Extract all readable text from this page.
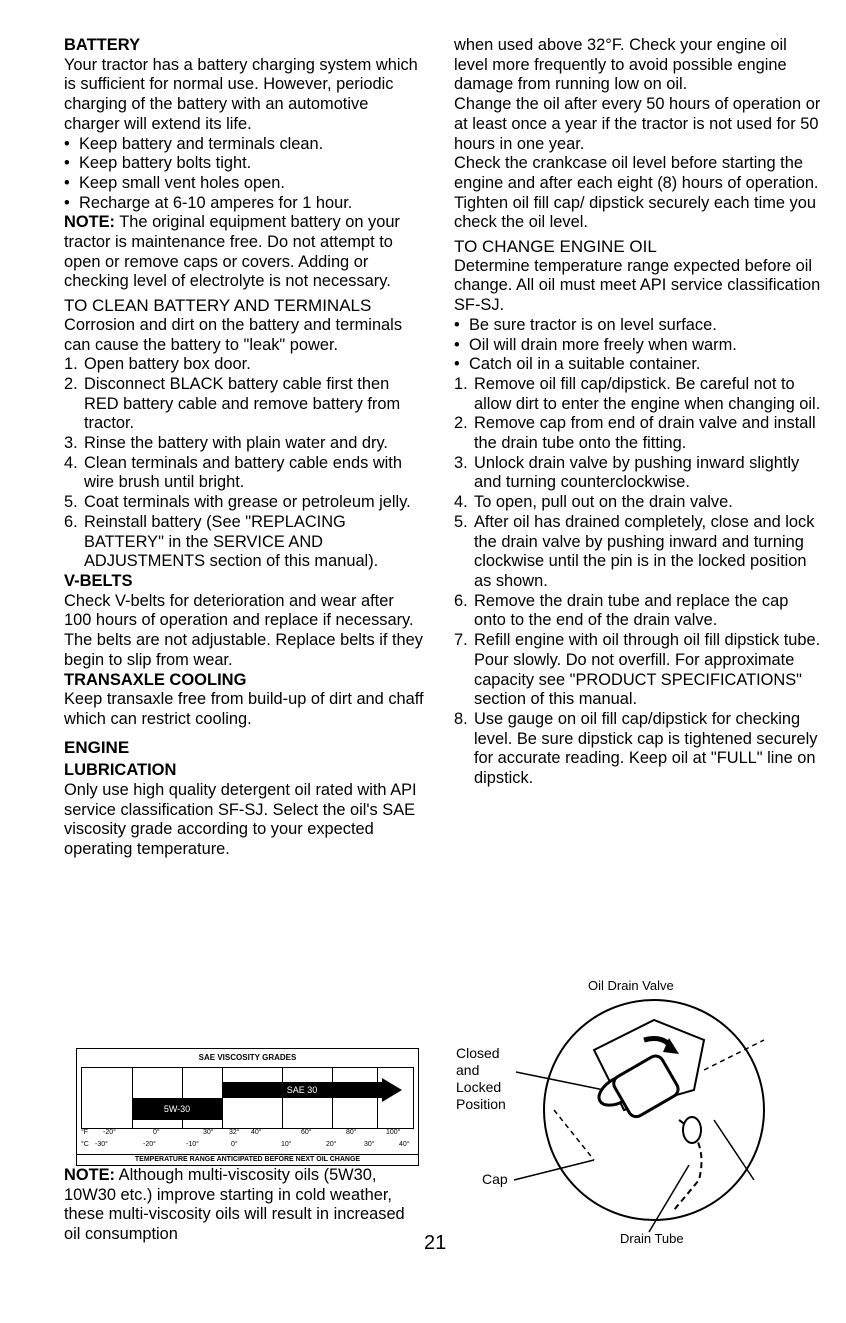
BATTERY

Your tractor has a battery charging system which is sufficient for normal use. However, periodic charging of the battery with an automotive charger will extend its life.

• Keep battery and terminals clean.

• Keep battery bolts tight.

• Keep small vent holes open.

• Recharge at 6-10 amperes for 1 hour.

NOTE: The original equipment battery on your tractor is maintenance free. Do not attempt to open or remove caps or covers. Adding or checking level of electrolyte is not necessary.

TO CLEAN BATTERY AND TERMINALS

Corrosion and dirt on the battery and terminals can cause the battery to "leak" power.

1. Open battery box door.
2. Disconnect BLACK battery cable first then RED battery cable and remove battery from tractor.
3. Rinse the battery with plain water and dry.
4. Clean terminals and battery cable ends with wire brush until bright.
5. Coat terminals with grease or petroleum jelly.
6. Reinstall battery (See "REPLACING BATTERY" in the SERVICE AND ADJUSTMENTS section of this manual).

V-BELTS

Check V-belts for deterioration and wear after 100 hours of operation and replace if necessary. The belts are not adjustable. Replace belts if they begin to slip from wear.

TRANSAXLE COOLING

Keep transaxle free from build-up of dirt and chaff which can restrict cooling.

ENGINE

LUBRICATION

Only use high quality detergent oil rated with API service classification SF-SJ. Select the oil's SAE viscosity grade according to your expected operating temperature.

SAE VISCOSITY GRADES
5W-30
SAE 30
°F -20°	0°	30° 32° 40°	60°	80°	100°
°C -30°	-20°	-10°	0°	10°	20°	30°	40°
TEMPERATURE RANGE ANTICIPATED BEFORE NEXT OIL CHANGE

NOTE: Although multi-viscosity oils (5W30, 10W30 etc.) improve starting in cold weather, these multi-viscosity oils will result in increased oil consumption

when used above 32°F. Check your engine oil level more frequently to avoid possible engine damage from running low on oil.

Change the oil after every 50 hours of operation or at least once a year if the tractor is not used for 50 hours in one year.

Check the crankcase oil level before starting the engine and after each eight (8) hours of operation. Tighten oil fill cap/ dipstick securely each time you check the oil level.

TO CHANGE ENGINE OIL

Determine temperature range expected before oil change. All oil must meet API service classification SF-SJ.

• Be sure tractor is on level surface.

• Oil will drain more freely when warm.

• Catch oil in a suitable container.

1. Remove oil fill cap/dipstick. Be careful not to allow dirt to enter the engine when changing oil.
2. Remove cap from end of drain valve and install the drain tube onto the fitting.
3. Unlock drain valve by pushing inward slightly and turning counterclockwise.
4. To open, pull out on the drain valve.
5. After oil has drained completely, close and lock the drain valve by pushing inward and turning clockwise until the pin is in the locked position as shown.
6. Remove the drain tube and replace the cap onto to the end of the drain valve.
7. Refill engine with oil through oil fill dipstick tube. Pour slowly. Do not overfill. For approximate capacity see "PRODUCT SPECIFICATIONS" section of this manual.
8. Use gauge on oil fill cap/dipstick for checking level. Be sure dipstick cap is tightened securely for accurate reading. Keep oil at "FULL" line on dipstick.
Oil Drain Valve
Closed
and
Locked
Position
Cap
Drain Tube
21
